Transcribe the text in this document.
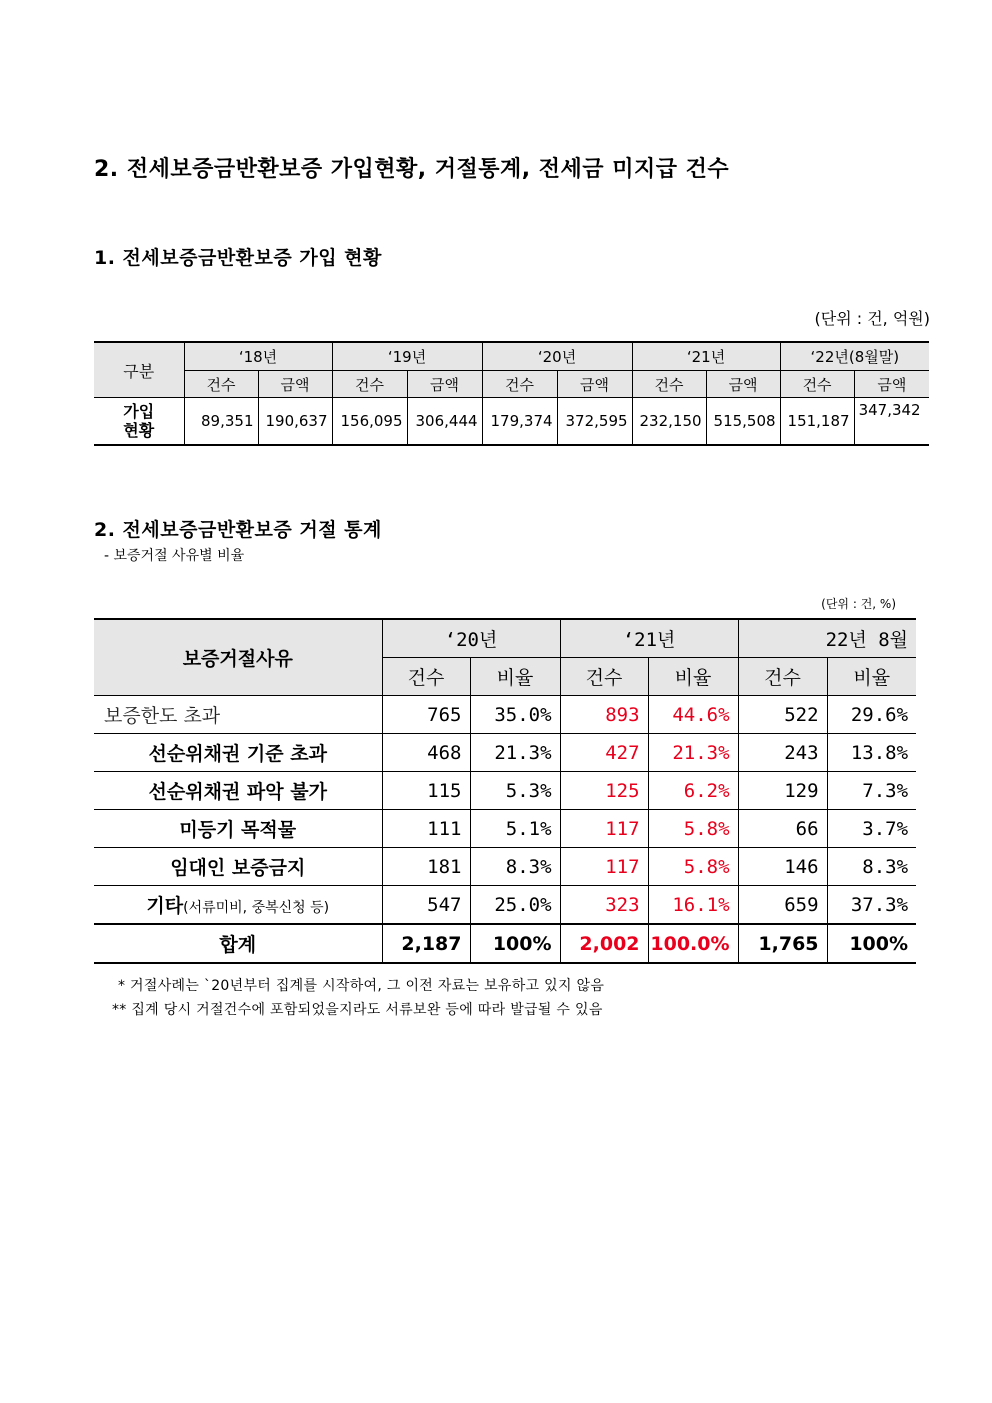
2. 전세보증금반환보증 가입현황, 거절통계, 전세금 미지급 건수
1. 전세보증금반환보증 가입 현황
(단위 : 건, 억원)
구분	‘18년		‘19년		‘20년		‘21년		‘22년(8월말)	
	건수	금액	건수	금액	건수	금액	건수	금액	건수	금액
가입
현황	89,351	190,637	156,095	306,444	179,374	372,595	232,150	515,508	151,187	347,342
2. 전세보증금반환보증 거절 통계
- 보증거절 사유별 비율
(단위 : 건, %)
보증거절사유	‘20년		‘21년		22년 8월	
	건수	비율	건수	비율	건수	비율
보증한도 초과	765	35.0%	893	44.6%	522	29.6%
선순위채권 기준 초과	468	21.3%	427	21.3%	243	13.8%
선순위채권 파악 불가	115	5.3%	125	6.2%	129	7.3%
미등기 목적물	111	5.1%	117	5.8%	66	3.7%
임대인 보증금지	181	8.3%	117	5.8%	146	8.3%
기타(서류미비, 중복신청 등)	547	25.0%	323	16.1%	659	37.3%
합계	2,187	100%	2,002	100.0%	1,765	100%
* 거절사례는 `20년부터 집계를 시작하여, 그 이전 자료는 보유하고 있지 않음
** 집계 당시 거절건수에 포함되었을지라도 서류보완 등에 따라 발급될 수 있음
